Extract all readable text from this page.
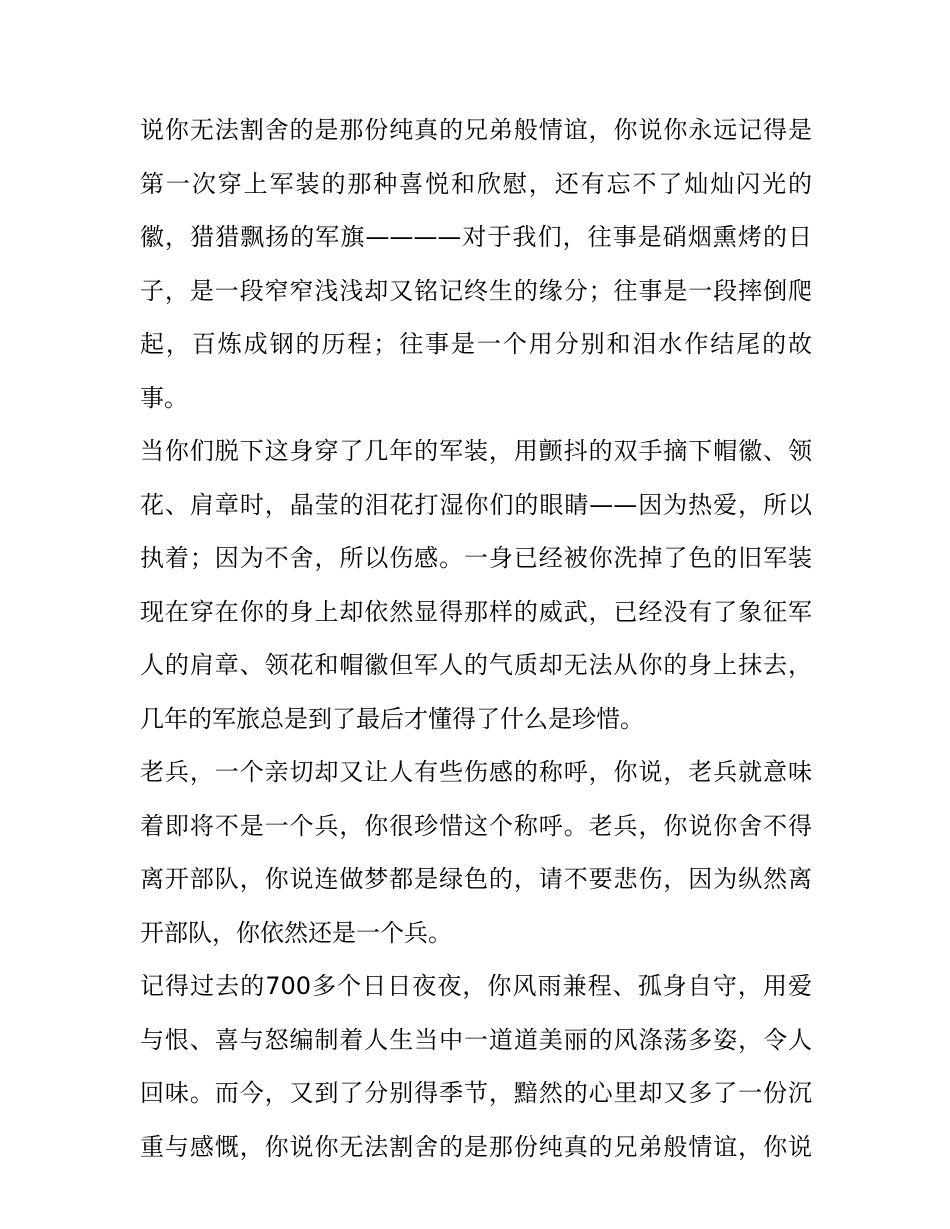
说你无法割舍的是那份纯真的兄弟般情谊，你说你永远记得是
第一次穿上军装的那种喜悦和欣慰，还有忘不了灿灿闪光的
徽，猎猎飘扬的军旗————对于我们，往事是硝烟熏烤的日
子，是一段窄窄浅浅却又铭记终生的缘分；往事是一段摔倒爬
起，百炼成钢的历程；往事是一个用分别和泪水作结尾的故
事。
当你们脱下这身穿了几年的军装，用颤抖的双手摘下帽徽、领
花、肩章时，晶莹的泪花打湿你们的眼睛——因为热爱，所以
执着；因为不舍，所以伤感。一身已经被你洗掉了色的旧军装
现在穿在你的身上却依然显得那样的威武，已经没有了象征军
人的肩章、领花和帽徽但军人的气质却无法从你的身上抹去，
几年的军旅总是到了最后才懂得了什么是珍惜。
老兵，一个亲切却又让人有些伤感的称呼，你说，老兵就意味
着即将不是一个兵，你很珍惜这个称呼。老兵，你说你舍不得
离开部队，你说连做梦都是绿色的，请不要悲伤，因为纵然离
开部队，你依然还是一个兵。
记得过去的700多个日日夜夜，你风雨兼程、孤身自守，用爱
与恨、喜与怒编制着人生当中一道道美丽的风涤荡多姿，令人
回味。而今，又到了分别得季节，黯然的心里却又多了一份沉
重与感慨，你说你无法割舍的是那份纯真的兄弟般情谊，你说
